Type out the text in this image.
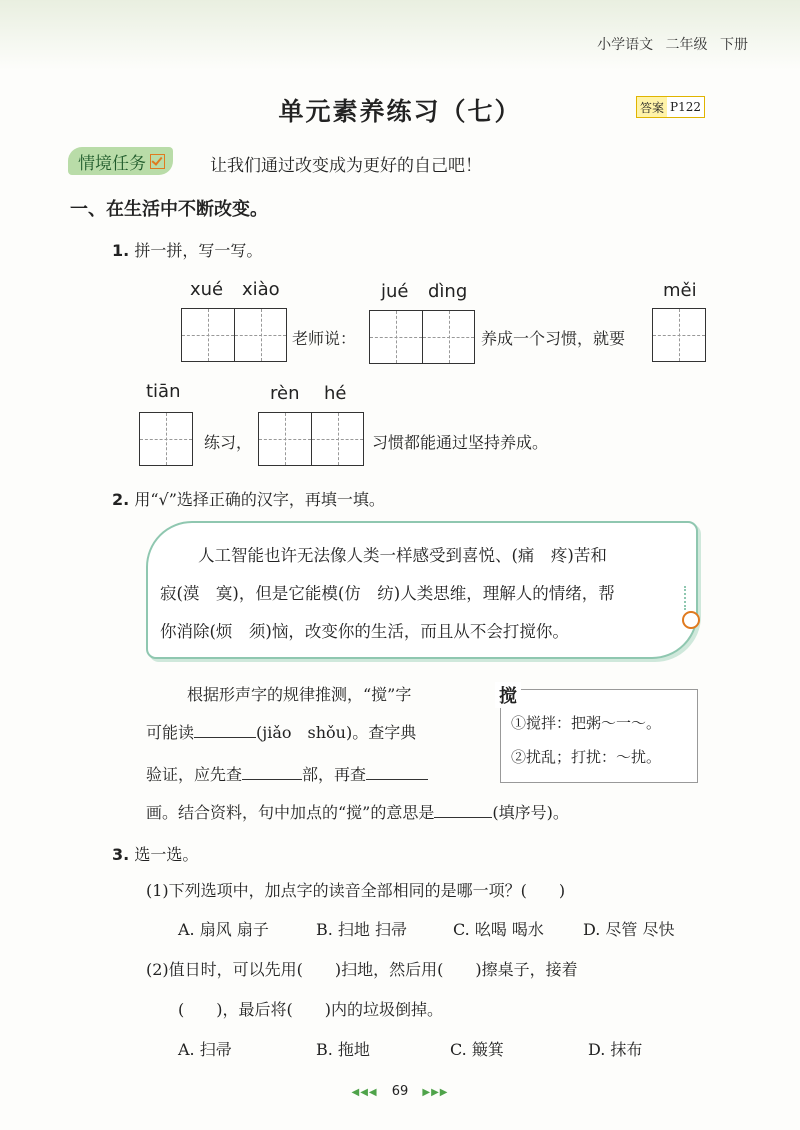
小学语文 二年级 下册
单元素养练习（七）	答案 P122
情境任务	让我们通过改变成为更好的自己吧！
一、在生活中不断改变。
1. 拼一拼，写一写。
xué xiào	jué dìng	měi
老师说：	养成一个习惯，就要
tiān	rèn hé
练习，	习惯都能通过坚持养成。
2. 用“√”选择正确的汉字，再填一填。
人工智能也许无法像人类一样感受到喜悦、(痛　疼)苦和
寂(漠　寞)，但是它能模(仿　纺)人类思维，理解人的情绪，帮
你消除(烦　须)恼，改变你的生活，而且从不会打搅你。
根据形声字的规律推测，“搅”字
可能读	(jiǎo　shǒu)。查字典
验证，应先查	部，再查
画。结合资料，句中加点的“搅”的意思是	(填序号)。
搅
①搅拌：把粥～一～。
②扰乱；打扰：～扰。
3. 选一选。
(1)下列选项中，加点字的读音全部相同的是哪一项？(　　)
A. 扇风 扇子	B. 扫地 扫帚	C. 吆喝 喝水 D. 尽管 尽快
(2)值日时，可以先用(　　)扫地，然后用(　　)擦桌子，接着
(　　)，最后将(　　)内的垃圾倒掉。
A. 扫帚	B. 拖地	C. 簸箕	D. 抹布
◀◀◀ 69 ▶▶▶
